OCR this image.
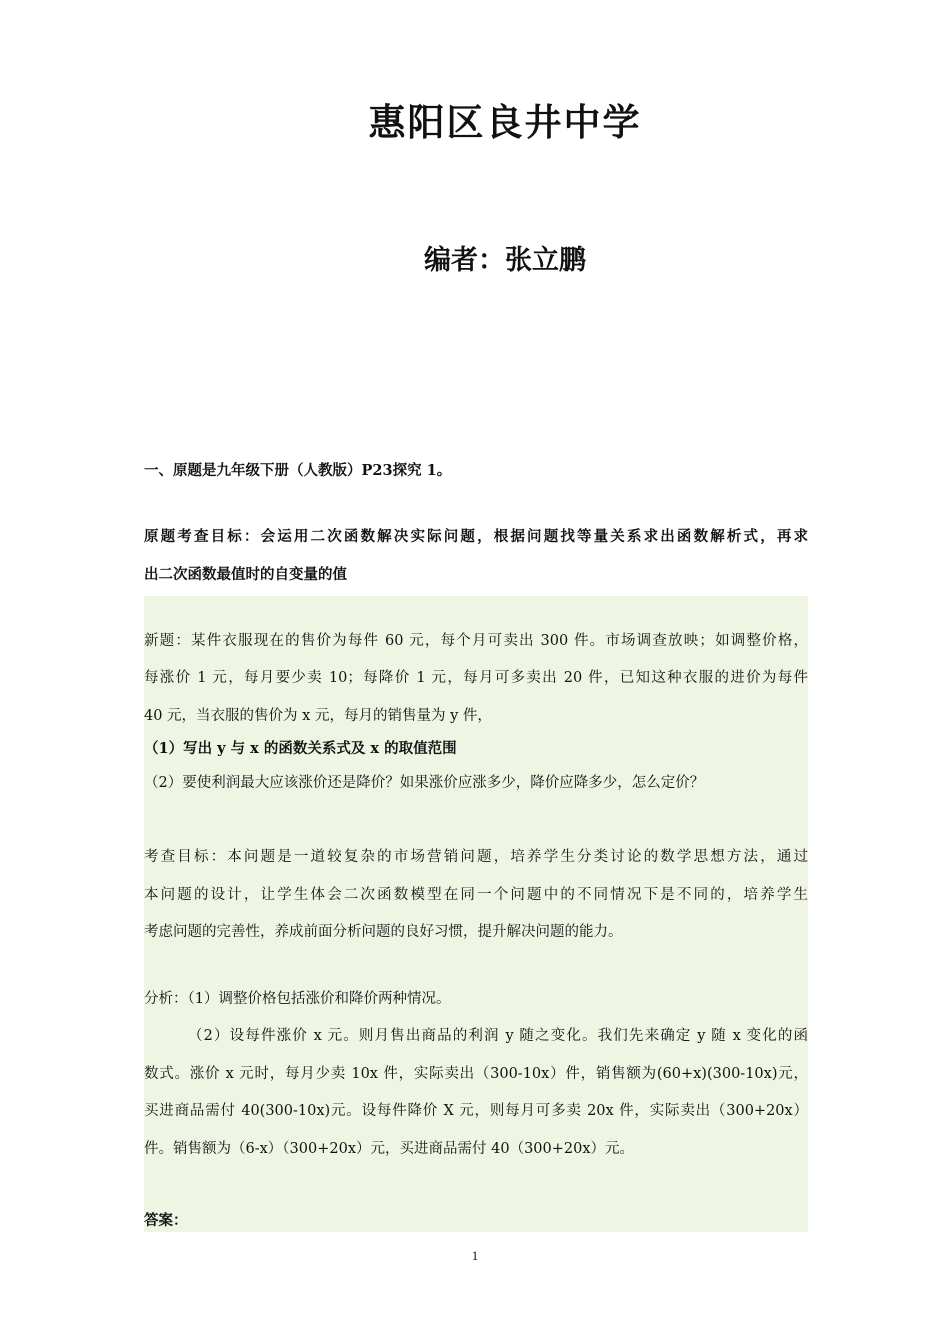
惠阳区良井中学
编者：张立鹏
一、原题是九年级下册（人教版）P23探究 1。
原题考查目标：会运用二次函数解决实际问题，根据问题找等量关系求出函数解析式，再求
出二次函数最值时的自变量的值
新题：某件衣服现在的售价为每件 60 元，每个月可卖出 300 件。市场调查放映；如调整价格，
每涨价 1 元，每月要少卖 10；每降价 1 元，每月可多卖出 20 件，已知这种衣服的进价为每件
40 元，当衣服的售价为 x 元，每月的销售量为 y 件，
（1）写出 y 与 x 的函数关系式及 x 的取值范围
（2）要使利润最大应该涨价还是降价？如果涨价应涨多少，降价应降多少，怎么定价？
考查目标：本问题是一道较复杂的市场营销问题，培养学生分类讨论的数学思想方法，通过
本问题的设计，让学生体会二次函数模型在同一个问题中的不同情况下是不同的，培养学生
考虑问题的完善性，养成前面分析问题的良好习惯，提升解决问题的能力。
分析：（1）调整价格包括涨价和降价两种情况。
（2）设每件涨价 x 元。则月售出商品的利润 y 随之变化。我们先来确定 y 随 x 变化的函
数式。涨价 x 元时，每月少卖 10x 件，实际卖出（300-10x）件，销售额为(60+x)(300-10x)元，
买进商品需付 40(300-10x)元。设每件降价 X 元，则每月可多卖 20x 件，实际卖出（300+20x）
件。销售额为（6-x）（300+20x）元，买进商品需付 40（300+20x）元。
答案：
1
